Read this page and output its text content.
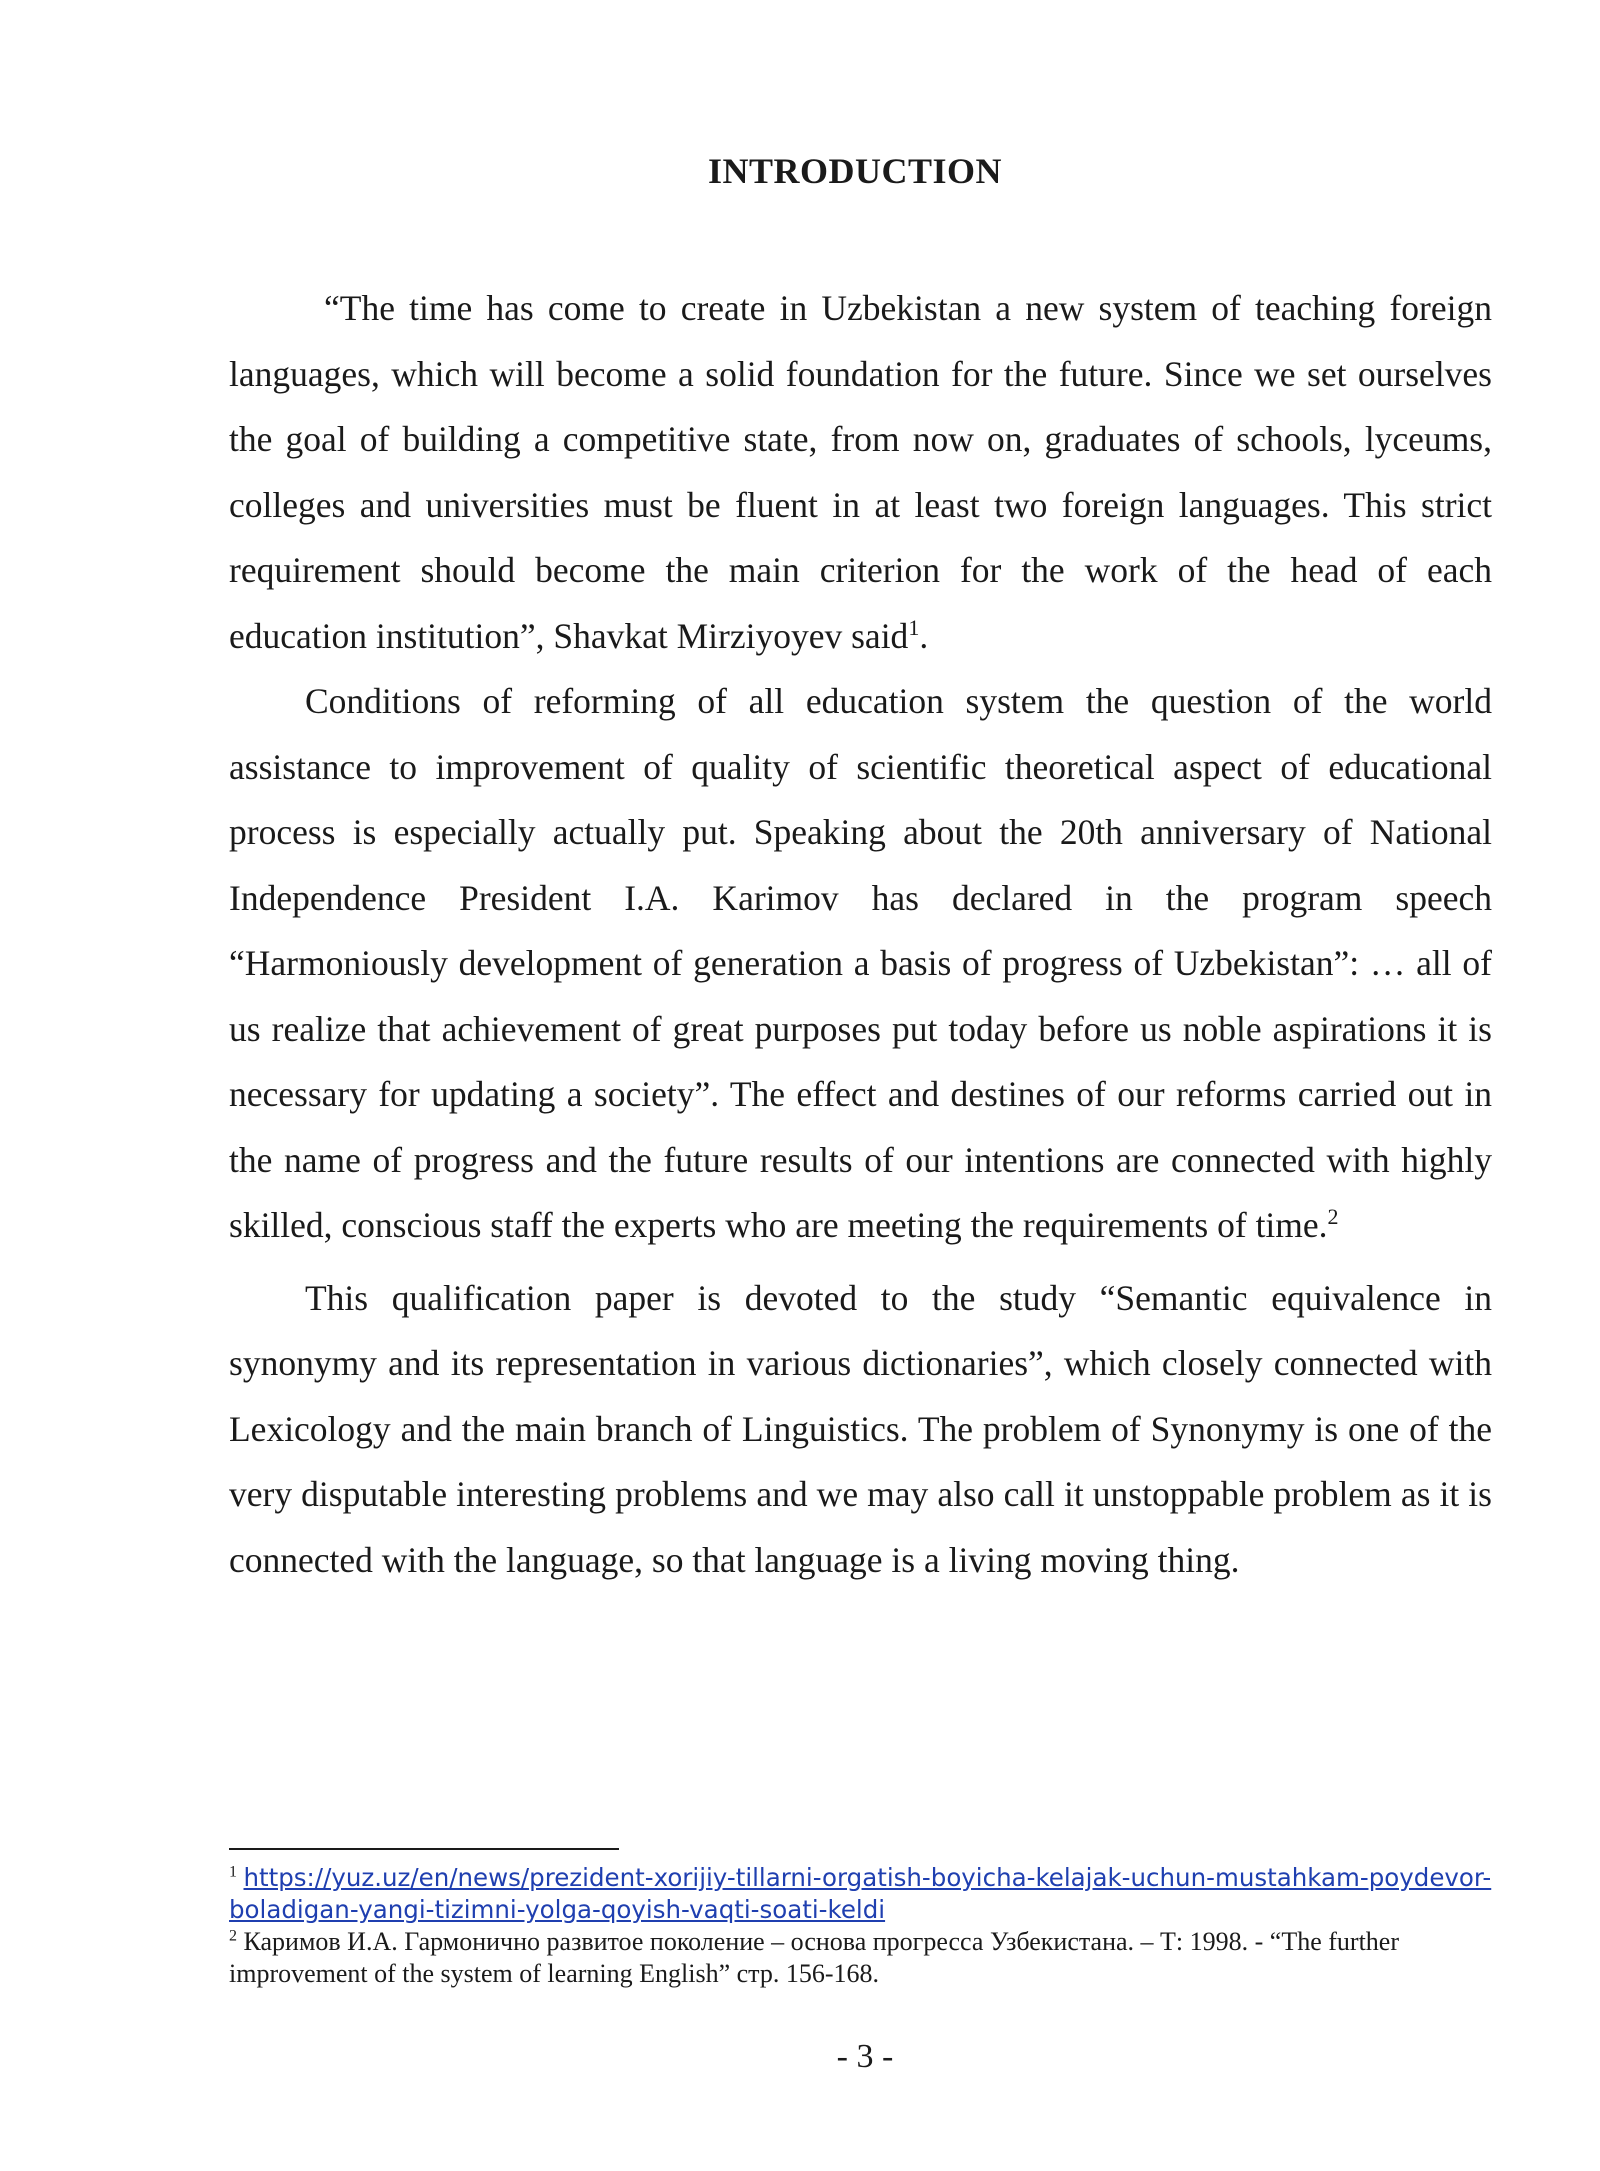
INTRODUCTION

“The time has come to create in Uzbekistan a new system of teaching foreign languages, which will become a solid foundation for the future. Since we set ourselves the goal of building a competitive state, from now on, graduates of schools, lyceums, colleges and universities must be fluent in at least two foreign languages. This strict requirement should become the main criterion for the work of the head of each education institution”, Shavkat Mirziyoyev said$^1$.

Conditions of reforming of all education system the question of the world assistance to improvement of quality of scientific theoretical aspect of educational process is especially actually put. Speaking about the 20th anniversary of National Independence President I.A. Karimov has declared in the program speech “Harmoniously development of generation a basis of progress of Uzbekistan”: … all of us realize that achievement of great purposes put today before us noble aspirations it is necessary for updating a society”. The effect and destines of our reforms carried out in the name of progress and the future results of our intentions are connected with highly skilled, conscious staff the experts who are meeting the requirements of time.$^2$

This qualification paper is devoted to the study “Semantic equivalence in synonymy and its representation in various dictionaries”, which closely connected with Lexicology and the main branch of Linguistics. The problem of Synonymy is one of the very disputable interesting problems and we may also call it unstoppable problem as it is connected with the language, so that language is a living moving thing.

$^1$ https://yuz.uz/en/news/prezident-xorijiy-tillarni-orgatish-boyicha-kelajak-uchun-mustahkam-poydevor-boladigan-yangi-tizimni-yolga-qoyish-vaqti-soati-keldi

$^2$ Каримов И.А. Гармонично развитое поколение – основа прогресса Узбекистана. – Т: 1998. - “The further improvement of the system of learning English” стр. 156-168.

- 3 -
